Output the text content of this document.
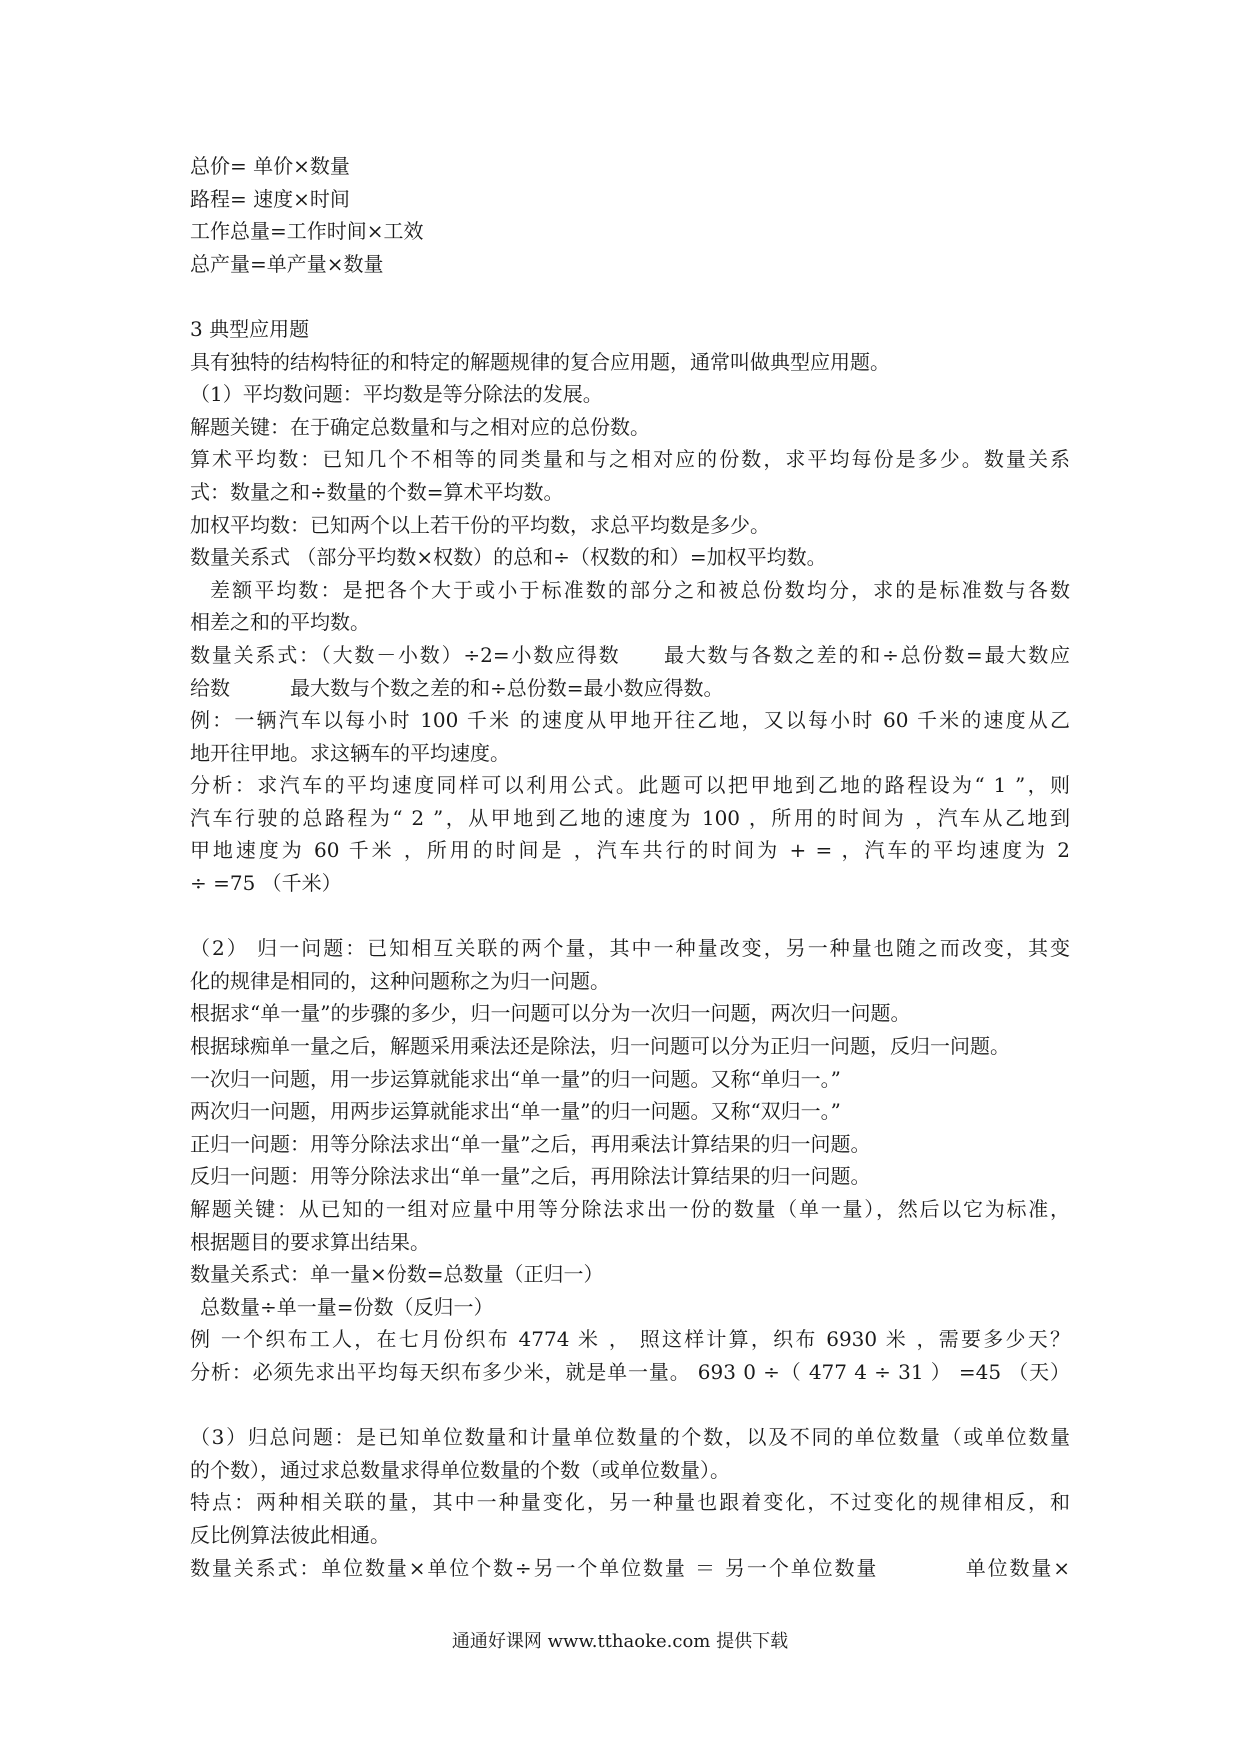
总价= 单价×数量
路程= 速度×时间
工作总量=工作时间×工效
总产量=单产量×数量
3 典型应用题
具有独特的结构特征的和特定的解题规律的复合应用题，通常叫做典型应用题。
（1）平均数问题：平均数是等分除法的发展。
解题关键：在于确定总数量和与之相对应的总份数。
算术平均数：已知几个不相等的同类量和与之相对应的份数，求平均每份是多少。数量关系
式：数量之和÷数量的个数=算术平均数。
加权平均数：已知两个以上若干份的平均数，求总平均数是多少。
数量关系式 （部分平均数×权数）的总和÷（权数的和）=加权平均数。
差额平均数：是把各个大于或小于标准数的部分之和被总份数均分，求的是标准数与各数
相差之和的平均数。
数量关系式：（大数－小数）÷2=小数应得数　　最大数与各数之差的和÷总份数=最大数应
给数　　　最大数与个数之差的和÷总份数=最小数应得数。
例：一辆汽车以每小时 100 千米 的速度从甲地开往乙地，又以每小时 60 千米的速度从乙
地开往甲地。求这辆车的平均速度。
分析：求汽车的平均速度同样可以利用公式。此题可以把甲地到乙地的路程设为“ 1 ”，则
汽车行驶的总路程为“ 2 ”，从甲地到乙地的速度为 100 ，所用的时间为 ，汽车从乙地到
甲地速度为 60 千米 ，所用的时间是 ，汽车共行的时间为 + = ，汽车的平均速度为 2
÷ =75 （千米）
（2） 归一问题：已知相互关联的两个量，其中一种量改变，另一种量也随之而改变，其变
化的规律是相同的，这种问题称之为归一问题。
根据求“单一量”的步骤的多少，归一问题可以分为一次归一问题，两次归一问题。
根据球痴单一量之后，解题采用乘法还是除法，归一问题可以分为正归一问题，反归一问题。
一次归一问题，用一步运算就能求出“单一量”的归一问题。又称“单归一。”
两次归一问题，用两步运算就能求出“单一量”的归一问题。又称“双归一。”
正归一问题：用等分除法求出“单一量”之后，再用乘法计算结果的归一问题。
反归一问题：用等分除法求出“单一量”之后，再用除法计算结果的归一问题。
解题关键：从已知的一组对应量中用等分除法求出一份的数量（单一量），然后以它为标准，
根据题目的要求算出结果。
数量关系式：单一量×份数=总数量（正归一）
总数量÷单一量=份数（反归一）
例 一个织布工人，在七月份织布 4774 米 ， 照这样计算，织布 6930 米 ，需要多少天？
分析：必须先求出平均每天织布多少米，就是单一量。 693 0 ÷（ 477 4 ÷ 31 ） =45 （天）
（3）归总问题：是已知单位数量和计量单位数量的个数，以及不同的单位数量（或单位数量
的个数），通过求总数量求得单位数量的个数（或单位数量）。
特点：两种相关联的量，其中一种量变化，另一种量也跟着变化，不过变化的规律相反，和
反比例算法彼此相通。
数量关系式：单位数量×单位个数÷另一个单位数量 ＝ 另一个单位数量　　　　单位数量×
通通好课网 www.tthaoke.com 提供下载
